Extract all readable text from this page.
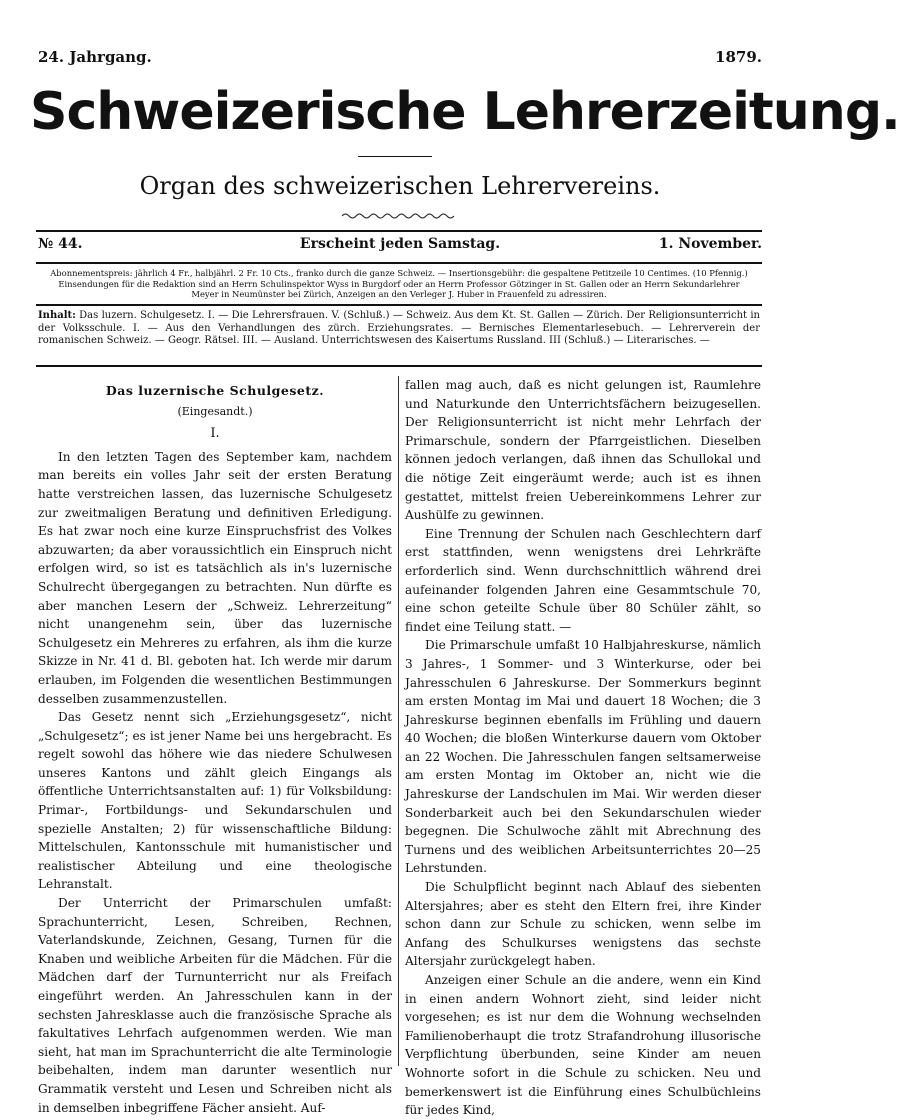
24. Jahrgang.	1879.
Schweizerische Lehrerzeitung.
Organ des schweizerischen Lehrervereins.
№ 44.	Erscheint jeden Samstag.	1. November.

Abonnementspreis: jährlich 4 Fr., halbjährl. 2 Fr. 10 Cts., franko durch die ganze Schweiz. — Insertionsgebühr: die gespaltene Petitzeile 10 Centimes. (10 Pfennig.)

Einsendungen für die Redaktion sind an Herrn Schulinspektor Wyss in Burgdorf oder an Herrn Professor Götzinger in St. Gallen oder an Herrn Sekundarlehrer

Meyer in Neumünster bei Zürich, Anzeigen an den Verleger J. Huber in Frauenfeld zu adressiren.

Inhalt: Das luzern. Schulgesetz. I. — Die Lehrersfrauen. V. (Schluß.) — Schweiz. Aus dem Kt. St. Gallen — Zürich. Der Religionsunterricht in der Volksschule. I. — Aus den Verhandlungen des zürch. Erziehungsrates. — Bernisches Elementarlesebuch. — Lehrerverein der romanischen Schweiz. — Geogr. Rätsel. III. — Ausland. Unterrichtswesen des Kaisertums Russland. III (Schluß.) — Literarisches. —
Das luzernische Schulgesetz.
(Eingesandt.)
I.

In den letzten Tagen des September kam, nachdem man bereits ein volles Jahr seit der ersten Beratung hatte verstreichen lassen, das luzernische Schulgesetz zur zweitmaligen Beratung und definitiven Erledigung. Es hat zwar noch eine kurze Einspruchsfrist des Volkes abzuwarten; da aber voraussichtlich ein Einspruch nicht erfolgen wird, so ist es tatsächlich als in's luzernische Schulrecht übergegangen zu betrachten. Nun dürfte es aber manchen Lesern der „Schweiz. Lehrerzeitung“ nicht unangenehm sein, über das luzernische Schulgesetz ein Mehreres zu erfahren, als ihm die kurze Skizze in Nr. 41 d. Bl. geboten hat. Ich werde mir darum erlauben, im Folgenden die wesentlichen Bestimmungen desselben zusammenzustellen.

Das Gesetz nennt sich „Erziehungsgesetz“, nicht „Schulgesetz“; es ist jener Name bei uns hergebracht. Es regelt sowohl das höhere wie das niedere Schulwesen unseres Kantons und zählt gleich Eingangs als öffentliche Unterrichtsanstalten auf: 1) für Volksbildung: Primar-, Fortbildungs- und Sekundarschulen und spezielle Anstalten; 2) für wissenschaftliche Bildung: Mittelschulen, Kantonsschule mit humanistischer und realistischer Abteilung und eine theologische Lehranstalt.

Der Unterricht der Primarschulen umfaßt: Sprachunterricht, Lesen, Schreiben, Rechnen, Vaterlandskunde, Zeichnen, Gesang, Turnen für die Knaben und weibliche Arbeiten für die Mädchen. Für die Mädchen darf der Turnunterricht nur als Freifach eingeführt werden. An Jahresschulen kann in der sechsten Jahresklasse auch die französische Sprache als fakultatives Lehrfach aufgenommen werden. Wie man sieht, hat man im Sprachunterricht die alte Terminologie beibehalten, indem man darunter wesentlich nur Grammatik versteht und Lesen und Schreiben nicht als in demselben inbegriffene Fächer ansieht. Auf-

fallen mag auch, daß es nicht gelungen ist, Raumlehre und Naturkunde den Unterrichtsfächern beizugesellen. Der Religionsunterricht ist nicht mehr Lehrfach der Primarschule, sondern der Pfarrgeistlichen. Dieselben können jedoch verlangen, daß ihnen das Schullokal und die nötige Zeit eingeräumt werde; auch ist es ihnen gestattet, mittelst freien Uebereinkommens Lehrer zur Aushülfe zu gewinnen.

Eine Trennung der Schulen nach Geschlechtern darf erst stattfinden, wenn wenigstens drei Lehrkräfte erforderlich sind. Wenn durchschnittlich während drei aufeinander folgenden Jahren eine Gesammtschule 70, eine schon geteilte Schule über 80 Schüler zählt, so findet eine Teilung statt. —

Die Primarschule umfaßt 10 Halbjahreskurse, nämlich 3 Jahres-, 1 Sommer- und 3 Winterkurse, oder bei Jahresschulen 6 Jahreskurse. Der Sommerkurs beginnt am ersten Montag im Mai und dauert 18 Wochen; die 3 Jahreskurse beginnen ebenfalls im Frühling und dauern 40 Wochen; die bloßen Winterkurse dauern vom Oktober an 22 Wochen. Die Jahresschulen fangen seltsamerweise am ersten Montag im Oktober an, nicht wie die Jahreskurse der Landschulen im Mai. Wir werden dieser Sonderbarkeit auch bei den Sekundarschulen wieder begegnen. Die Schulwoche zählt mit Abrechnung des Turnens und des weiblichen Arbeitsunterrichtes 20—25 Lehrstunden.

Die Schulpflicht beginnt nach Ablauf des siebenten Altersjahres; aber es steht den Eltern frei, ihre Kinder schon dann zur Schule zu schicken, wenn selbe im Anfang des Schulkurses wenigstens das sechste Altersjahr zurückgelegt haben.

Anzeigen einer Schule an die andere, wenn ein Kind in einen andern Wohnort zieht, sind leider nicht vorgesehen; es ist nur dem die Wohnung wechselnden Familienoberhaupt die trotz Strafandrohung illusorische Verpflichtung überbunden, seine Kinder am neuen Wohnorte sofort in die Schule zu schicken. Neu und bemerkenswert ist die Einführung eines Schulbüchleins für jedes Kind,
